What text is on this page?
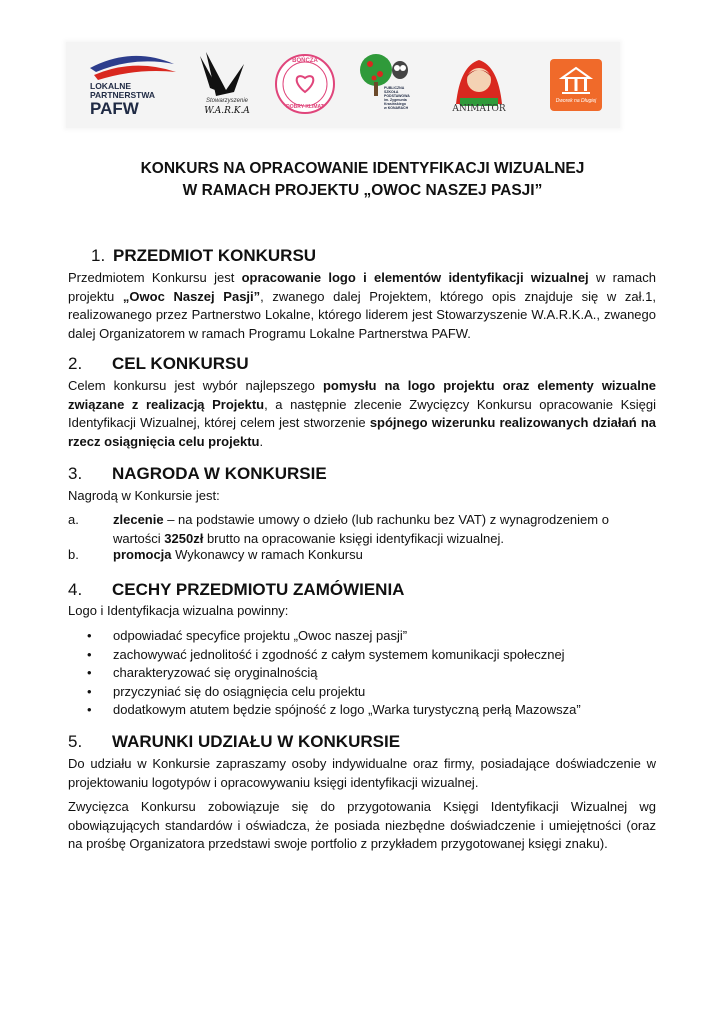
LOKALNE
PARTNERSTWA
PAFW	Stowarzyszenie
W.A.R.K.A
BOŃCZA
DOBRY KLIMAT
PUBLICZNA
SZKOŁA
PODSTAWOWA
im. Zygmunta Krasińskiego
w KONARACH	ANIMATOR
Dworek na Długiej
KONKURS NA OPRACOWANIE IDENTYFIKACJI WIZUALNEJ
W RAMACH PROJEKTU „OWOC NASZEJ PASJI”
1. PRZEDMIOT KONKURSU
Przedmiotem Konkursu jest opracowanie logo i elementów identyfikacji wizualnej w ramach projektu „Owoc Naszej Pasji”, zwanego dalej Projektem, którego opis znajduje się w zał.1, realizowanego przez Partnerstwo Lokalne, którego liderem jest Stowarzyszenie W.A.R.K.A., zwanego dalej Organizatorem w ramach Programu Lokalne Partnerstwa PAFW.
2. CEL KONKURSU
Celem konkursu jest wybór najlepszego pomysłu na logo projektu oraz elementy wizualne związane z realizacją Projektu, a następnie zlecenie Zwycięzcy Konkursu opracowanie Księgi Identyfikacji Wizualnej, której celem jest stworzenie spójnego wizerunku realizowanych działań na rzecz osiągnięcia celu projektu.
3. NAGRODA W KONKURSIE
Nagrodą w Konkursie jest:
a.	zlecenie – na podstawie umowy o dzieło (lub rachunku bez VAT) z wynagrodzeniem o wartości 3250zł brutto na opracowanie księgi identyfikacji wizualnej.
b.	promocja Wykonawcy w ramach Konkursu
4. CECHY PRZEDMIOTU ZAMÓWIENIA
Logo i Identyfikacja wizualna powinny:
• odpowiadać specyfice projektu „Owoc naszej pasji”
• zachowywać jednolitość i zgodność z całym systemem komunikacji społecznej
• charakteryzować się oryginalnością
• przyczyniać się do osiągnięcia celu projektu
• dodatkowym atutem będzie spójność z logo „Warka turystyczną perłą Mazowsza”
5. WARUNKI UDZIAŁU W KONKURSIE
Do udziału w Konkursie zapraszamy osoby indywidualne oraz firmy, posiadające doświadczenie w projektowaniu logotypów i opracowywaniu księgi identyfikacji wizualnej.
Zwycięzca Konkursu zobowiązuje się do przygotowania Księgi Identyfikacji Wizualnej wg obowiązujących standardów i oświadcza, że posiada niezbędne doświadczenie i umiejętności (oraz na prośbę Organizatora przedstawi swoje portfolio z przykładem przygotowanej księgi znaku).
